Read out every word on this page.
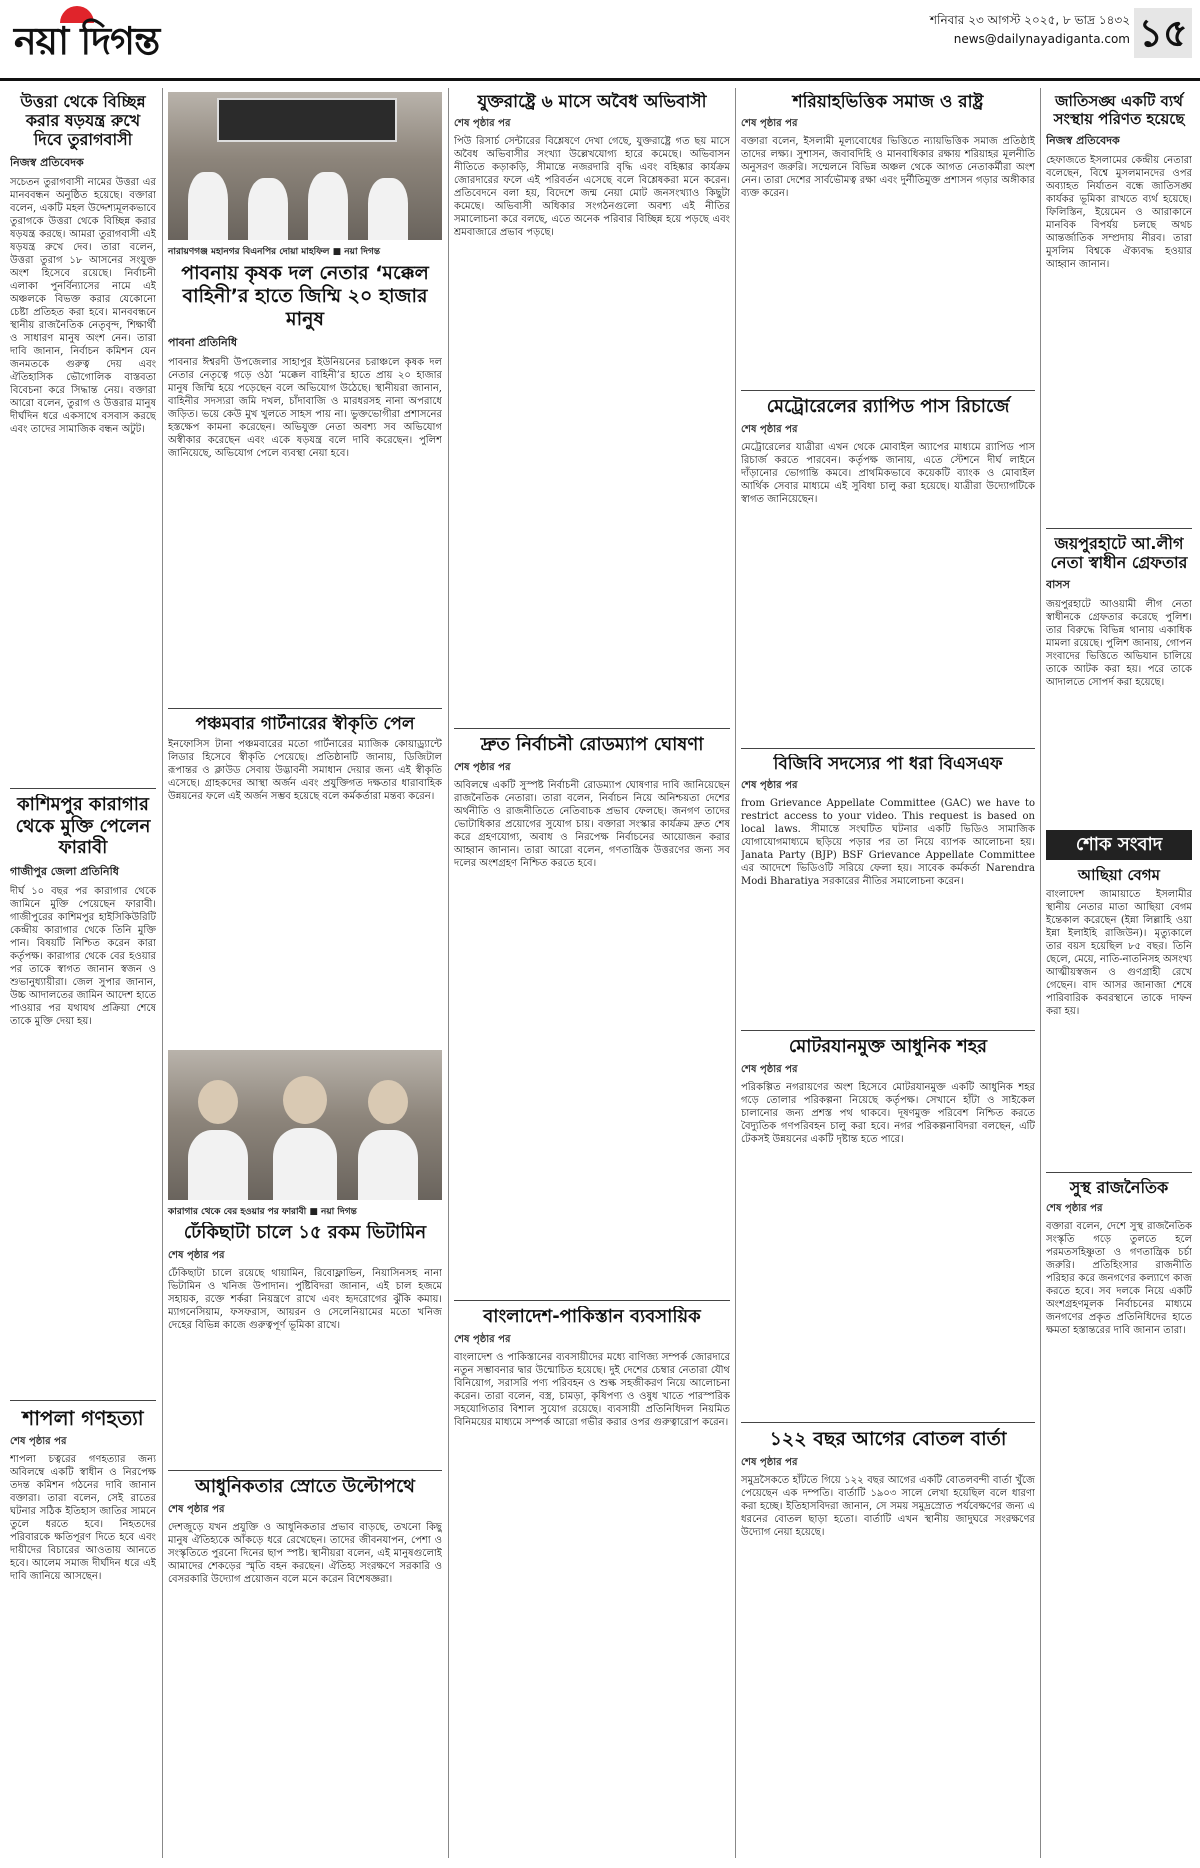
নয়া দিগন্ত	শনিবার ২৩ আগস্ট ২০২৫, ৮ ভাদ্র ১৪৩২
news@dailynayadiganta.com ১৫
উত্তরা থেকে বিচ্ছিন্ন করার ষড়যন্ত্র রুখে দিবে তুরাগবাসী
নিজস্ব প্রতিবেদক

সচেতন তুরাগবাসী নামের উত্তরা এর মানববন্ধন অনুষ্ঠিত হয়েছে। বক্তারা বলেন, একটি মহল উদ্দেশ্যমূলকভাবে তুরাগকে উত্তরা থেকে বিচ্ছিন্ন করার ষড়যন্ত্র করছে। আমরা তুরাগবাসী এই ষড়যন্ত্র রুখে দেব। তারা বলেন, উত্তরা তুরাগ ১৮ আসনের সংযুক্ত অংশ হিসেবে রয়েছে। নির্বাচনী এলাকা পুনর্বিন্যাসের নামে এই অঞ্চলকে বিভক্ত করার যেকোনো চেষ্টা প্রতিহত করা হবে। মানববন্ধনে স্থানীয় রাজনৈতিক নেতৃবৃন্দ, শিক্ষার্থী ও সাধারণ মানুষ অংশ নেন। তারা দাবি জানান, নির্বাচন কমিশন যেন জনমতকে গুরুত্ব দেয় এবং ঐতিহাসিক ভৌগোলিক বাস্তবতা বিবেচনা করে সিদ্ধান্ত নেয়। বক্তারা আরো বলেন, তুরাগ ও উত্তরার মানুষ দীর্ঘদিন ধরে একসাথে বসবাস করছে এবং তাদের সামাজিক বন্ধন অটুট।

কাশিমপুর কারাগার থেকে মুক্তি পেলেন ফারাবী
গাজীপুর জেলা প্রতিনিধি

দীর্ঘ ১০ বছর পর কারাগার থেকে জামিনে মুক্তি পেয়েছেন ফারাবী। গাজীপুরের কাশিমপুর হাইসিকিউরিটি কেন্দ্রীয় কারাগার থেকে তিনি মুক্তি পান। বিষয়টি নিশ্চিত করেন কারা কর্তৃপক্ষ। কারাগার থেকে বের হওয়ার পর তাকে স্বাগত জানান স্বজন ও শুভানুধ্যায়ীরা। জেল সুপার জানান, উচ্চ আদালতের জামিন আদেশ হাতে পাওয়ার পর যথাযথ প্রক্রিয়া শেষে তাকে মুক্তি দেয়া হয়।

শাপলা গণহত্যা
শেষ পৃষ্ঠার পর

শাপলা চত্বরের গণহত্যার জন্য অবিলম্বে একটি স্বাধীন ও নিরপেক্ষ তদন্ত কমিশন গঠনের দাবি জানান বক্তারা। তারা বলেন, সেই রাতের ঘটনার সঠিক ইতিহাস জাতির সামনে তুলে ধরতে হবে। নিহতদের পরিবারকে ক্ষতিপূরণ দিতে হবে এবং দায়ীদের বিচারের আওতায় আনতে হবে। আলেম সমাজ দীর্ঘদিন ধরে এই দাবি জানিয়ে আসছেন।

নারায়ণগঞ্জ মহানগর বিএনপির দোয়া মাহফিল ■ নয়া দিগন্ত
পাবনায় কৃষক দল নেতার ‘মক্কেল বাহিনী’র হাতে জিম্মি ২০ হাজার মানুষ
পাবনা প্রতিনিধি

পাবনার ঈশ্বরদী উপজেলার সাহাপুর ইউনিয়নের চরাঞ্চলে কৃষক দল নেতার নেতৃত্বে গড়ে ওঠা ‘মক্কেল বাহিনী’র হাতে প্রায় ২০ হাজার মানুষ জিম্মি হয়ে পড়েছেন বলে অভিযোগ উঠেছে। স্থানীয়রা জানান, বাহিনীর সদস্যরা জমি দখল, চাঁদাবাজি ও মারধরসহ নানা অপরাধে জড়িত। ভয়ে কেউ মুখ খুলতে সাহস পায় না। ভুক্তভোগীরা প্রশাসনের হস্তক্ষেপ কামনা করেছেন। অভিযুক্ত নেতা অবশ্য সব অভিযোগ অস্বীকার করেছেন এবং একে ষড়যন্ত্র বলে দাবি করেছেন। পুলিশ জানিয়েছে, অভিযোগ পেলে ব্যবস্থা নেয়া হবে।

পঞ্চমবার গার্টনারের স্বীকৃতি পেল

ইনফোসিস টানা পঞ্চমবারের মতো গার্টনারের ম্যাজিক কোয়াড্র্যান্টে লিডার হিসেবে স্বীকৃতি পেয়েছে। প্রতিষ্ঠানটি জানায়, ডিজিটাল রূপান্তর ও ক্লাউড সেবায় উদ্ভাবনী সমাধান দেয়ার জন্য এই স্বীকৃতি এসেছে। গ্রাহকদের আস্থা অর্জন এবং প্রযুক্তিগত দক্ষতার ধারাবাহিক উন্নয়নের ফলে এই অর্জন সম্ভব হয়েছে বলে কর্মকর্তারা মন্তব্য করেন।

কারাগার থেকে বের হওয়ার পর ফারাবী ■ নয়া দিগন্ত
ঢেঁকিছাটা চালে ১৫ রকম ভিটামিন
শেষ পৃষ্ঠার পর

ঢেঁকিছাটা চালে রয়েছে থায়ামিন, রিবোফ্লাভিন, নিয়াসিনসহ নানা ভিটামিন ও খনিজ উপাদান। পুষ্টিবিদরা জানান, এই চাল হজমে সহায়ক, রক্তে শর্করা নিয়ন্ত্রণে রাখে এবং হৃদরোগের ঝুঁকি কমায়। ম্যাগনেসিয়াম, ফসফরাস, আয়রন ও সেলেনিয়ামের মতো খনিজ দেহের বিভিন্ন কাজে গুরুত্বপূর্ণ ভূমিকা রাখে।

আধুনিকতার স্রোতে উল্টোপথে
শেষ পৃষ্ঠার পর

দেশজুড়ে যখন প্রযুক্তি ও আধুনিকতার প্রভাব বাড়ছে, তখনো কিছু মানুষ ঐতিহ্যকে আঁকড়ে ধরে রেখেছেন। তাদের জীবনযাপন, পেশা ও সংস্কৃতিতে পুরনো দিনের ছাপ স্পষ্ট। স্থানীয়রা বলেন, এই মানুষগুলোই আমাদের শেকড়ের স্মৃতি বহন করছেন। ঐতিহ্য সংরক্ষণে সরকারি ও বেসরকারি উদ্যোগ প্রয়োজন বলে মনে করেন বিশেষজ্ঞরা।

যুক্তরাষ্ট্রে ৬ মাসে অবৈধ অভিবাসী
শেষ পৃষ্ঠার পর

পিউ রিসার্চ সেন্টারের বিশ্লেষণে দেখা গেছে, যুক্তরাষ্ট্রে গত ছয় মাসে অবৈধ অভিবাসীর সংখ্যা উল্লেখযোগ্য হারে কমেছে। অভিবাসন নীতিতে কড়াকড়ি, সীমান্তে নজরদারি বৃদ্ধি এবং বহিষ্কার কার্যক্রম জোরদারের ফলে এই পরিবর্তন এসেছে বলে বিশ্লেষকরা মনে করেন। প্রতিবেদনে বলা হয়, বিদেশে জন্ম নেয়া মোট জনসংখ্যাও কিছুটা কমেছে। অভিবাসী অধিকার সংগঠনগুলো অবশ্য এই নীতির সমালোচনা করে বলছে, এতে অনেক পরিবার বিচ্ছিন্ন হয়ে পড়ছে এবং শ্রমবাজারে প্রভাব পড়ছে।

দ্রুত নির্বাচনী রোডম্যাপ ঘোষণা
শেষ পৃষ্ঠার পর

অবিলম্বে একটি সুস্পষ্ট নির্বাচনী রোডম্যাপ ঘোষণার দাবি জানিয়েছেন রাজনৈতিক নেতারা। তারা বলেন, নির্বাচন নিয়ে অনিশ্চয়তা দেশের অর্থনীতি ও রাজনীতিতে নেতিবাচক প্রভাব ফেলছে। জনগণ তাদের ভোটাধিকার প্রয়োগের সুযোগ চায়। বক্তারা সংস্কার কার্যক্রম দ্রুত শেষ করে গ্রহণযোগ্য, অবাধ ও নিরপেক্ষ নির্বাচনের আয়োজন করার আহ্বান জানান। তারা আরো বলেন, গণতান্ত্রিক উত্তরণের জন্য সব দলের অংশগ্রহণ নিশ্চিত করতে হবে।

বাংলাদেশ-পাকিস্তান ব্যবসায়িক
শেষ পৃষ্ঠার পর

বাংলাদেশ ও পাকিস্তানের ব্যবসায়ীদের মধ্যে বাণিজ্য সম্পর্ক জোরদারে নতুন সম্ভাবনার দ্বার উন্মোচিত হয়েছে। দুই দেশের চেম্বার নেতারা যৌথ বিনিয়োগ, সরাসরি পণ্য পরিবহন ও শুল্ক সহজীকরণ নিয়ে আলোচনা করেন। তারা বলেন, বস্ত্র, চামড়া, কৃষিপণ্য ও ওষুধ খাতে পারস্পরিক সহযোগিতার বিশাল সুযোগ রয়েছে। ব্যবসায়ী প্রতিনিধিদল নিয়মিত বিনিময়ের মাধ্যমে সম্পর্ক আরো গভীর করার ওপর গুরুত্বারোপ করেন।

শরিয়াহভিত্তিক সমাজ ও রাষ্ট্র
শেষ পৃষ্ঠার পর

বক্তারা বলেন, ইসলামী মূল্যবোধের ভিত্তিতে ন্যায়ভিত্তিক সমাজ প্রতিষ্ঠাই তাদের লক্ষ্য। সুশাসন, জবাবদিহি ও মানবাধিকার রক্ষায় শরিয়াহর মূলনীতি অনুসরণ জরুরি। সম্মেলনে বিভিন্ন অঞ্চল থেকে আগত নেতাকর্মীরা অংশ নেন। তারা দেশের সার্বভৌমত্ব রক্ষা এবং দুর্নীতিমুক্ত প্রশাসন গড়ার অঙ্গীকার ব্যক্ত করেন।

মেট্রোরেলের র‍্যাপিড পাস রিচার্জে
শেষ পৃষ্ঠার পর

মেট্রোরেলের যাত্রীরা এখন থেকে মোবাইল অ্যাপের মাধ্যমে র‍্যাপিড পাস রিচার্জ করতে পারবেন। কর্তৃপক্ষ জানায়, এতে স্টেশনে দীর্ঘ লাইনে দাঁড়ানোর ভোগান্তি কমবে। প্রাথমিকভাবে কয়েকটি ব্যাংক ও মোবাইল আর্থিক সেবার মাধ্যমে এই সুবিধা চালু করা হয়েছে। যাত্রীরা উদ্যোগটিকে স্বাগত জানিয়েছেন।

বিজিবি সদস্যের পা ধরা বিএসএফ
শেষ পৃষ্ঠার পর

from Grievance Appellate Committee (GAC) we have to restrict access to your video. This request is based on local laws. সীমান্তে সংঘটিত ঘটনার একটি ভিডিও সামাজিক যোগাযোগমাধ্যমে ছড়িয়ে পড়ার পর তা নিয়ে ব্যাপক আলোচনা হয়। Janata Party (BJP) BSF Grievance Appellate Committee এর আদেশে ভিডিওটি সরিয়ে ফেলা হয়। সাবেক কর্মকর্তা Narendra Modi Bharatiya সরকারের নীতির সমালোচনা করেন।

মোটরযানমুক্ত আধুনিক শহর
শেষ পৃষ্ঠার পর

পরিকল্পিত নগরায়ণের অংশ হিসেবে মোটরযানমুক্ত একটি আধুনিক শহর গড়ে তোলার পরিকল্পনা নিয়েছে কর্তৃপক্ষ। সেখানে হাঁটা ও সাইকেল চালানোর জন্য প্রশস্ত পথ থাকবে। দূষণমুক্ত পরিবেশ নিশ্চিত করতে বৈদ্যুতিক গণপরিবহন চালু করা হবে। নগর পরিকল্পনাবিদরা বলছেন, এটি টেকসই উন্নয়নের একটি দৃষ্টান্ত হতে পারে।

১২২ বছর আগের বোতল বার্তা
শেষ পৃষ্ঠার পর

সমুদ্রসৈকতে হাঁটতে গিয়ে ১২২ বছর আগের একটি বোতলবন্দী বার্তা খুঁজে পেয়েছেন এক দম্পতি। বার্তাটি ১৯০৩ সালে লেখা হয়েছিল বলে ধারণা করা হচ্ছে। ইতিহাসবিদরা জানান, সে সময় সমুদ্রস্রোত পর্যবেক্ষণের জন্য এ ধরনের বোতল ছাড়া হতো। বার্তাটি এখন স্থানীয় জাদুঘরে সংরক্ষণের উদ্যোগ নেয়া হয়েছে।

জাতিসঙ্ঘ একটি ব্যর্থ সংস্থায় পরিণত হয়েছে
নিজস্ব প্রতিবেদক

হেফাজতে ইসলামের কেন্দ্রীয় নেতারা বলেছেন, বিশ্বে মুসলমানদের ওপর অব্যাহত নির্যাতন বন্ধে জাতিসঙ্ঘ কার্যকর ভূমিকা রাখতে ব্যর্থ হয়েছে। ফিলিস্তিন, ইয়েমেন ও আরাকানে মানবিক বিপর্যয় চলছে অথচ আন্তর্জাতিক সম্প্রদায় নীরব। তারা মুসলিম বিশ্বকে ঐক্যবদ্ধ হওয়ার আহ্বান জানান।

জয়পুরহাটে আ.লীগ নেতা স্বাধীন গ্রেফতার
বাসস

জয়পুরহাটে আওয়ামী লীগ নেতা স্বাধীনকে গ্রেফতার করেছে পুলিশ। তার বিরুদ্ধে বিভিন্ন থানায় একাধিক মামলা রয়েছে। পুলিশ জানায়, গোপন সংবাদের ভিত্তিতে অভিযান চালিয়ে তাকে আটক করা হয়। পরে তাকে আদালতে সোপর্দ করা হয়েছে।

শোক সংবাদ
আছিয়া বেগম

বাংলাদেশ জামায়াতে ইসলামীর স্থানীয় নেতার মাতা আছিয়া বেগম ইন্তেকাল করেছেন (ইন্না লিল্লাহি ওয়া ইন্না ইলাইহি রাজিউন)। মৃত্যুকালে তার বয়স হয়েছিল ৮৫ বছর। তিনি ছেলে, মেয়ে, নাতি-নাতনিসহ অসংখ্য আত্মীয়স্বজন ও গুণগ্রাহী রেখে গেছেন। বাদ আসর জানাজা শেষে পারিবারিক কবরস্থানে তাকে দাফন করা হয়।

সুস্থ রাজনৈতিক
শেষ পৃষ্ঠার পর

বক্তারা বলেন, দেশে সুস্থ রাজনৈতিক সংস্কৃতি গড়ে তুলতে হলে পরমতসহিষ্ণুতা ও গণতান্ত্রিক চর্চা জরুরি। প্রতিহিংসার রাজনীতি পরিহার করে জনগণের কল্যাণে কাজ করতে হবে। সব দলকে নিয়ে একটি অংশগ্রহণমূলক নির্বাচনের মাধ্যমে জনগণের প্রকৃত প্রতিনিধিদের হাতে ক্ষমতা হস্তান্তরের দাবি জানান তারা।
